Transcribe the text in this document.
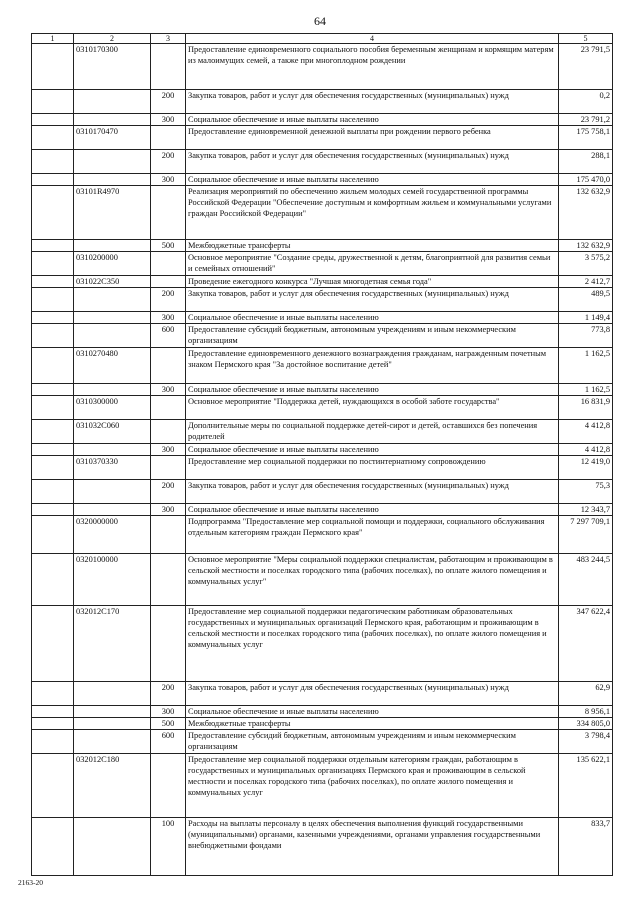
64
1	2	3	4	5
	0310170300		Предоставление единовременного социального пособия беременным женщинам и кормящим матерям из малоимущих семей, а также при многоплодном рождении	23 791,5
		200	Закупка товаров, работ и услуг для обеспечения государственных (муниципальных) нужд	0,2
		300	Социальное обеспечение и иные выплаты населению	23 791,2
	0310170470		Предоставление единовременной денежной выплаты при рождении первого ребенка	175 758,1
		200	Закупка товаров, работ и услуг для обеспечения государственных (муниципальных) нужд	288,1
		300	Социальное обеспечение и иные выплаты населению	175 470,0
	03101R4970		Реализация мероприятий по обеспечению жильем молодых семей государственной программы Российской Федерации "Обеспечение доступным и комфортным жильем и коммунальными услугами граждан Российской Федерации"	132 632,9
		500	Межбюджетные трансферты	132 632,9
	0310200000		Основное мероприятие "Создание среды, дружественной к детям, благоприятной для развития семьи и семейных отношений"	3 575,2
	031022С350		Проведение ежегодного конкурса "Лучшая многодетная семья года"	2 412,7
		200	Закупка товаров, работ и услуг для обеспечения государственных (муниципальных) нужд	489,5
		300	Социальное обеспечение и иные выплаты населению	1 149,4
		600	Предоставление субсидий бюджетным, автономным учреждениям и иным некоммерческим организациям	773,8
	0310270480		Предоставление единовременного денежного вознаграждения гражданам, награжденным почетным знаком Пермского края "За достойное воспитание детей"	1 162,5
		300	Социальное обеспечение и иные выплаты населению	1 162,5
	0310300000		Основное мероприятие "Поддержка детей, нуждающихся в особой заботе государства"	16 831,9
	031032С060		Дополнительные меры по социальной поддержке детей-сирот и детей, оставшихся без попечения родителей	4 412,8
		300	Социальное обеспечение и иные выплаты населению	4 412,8
	0310370330		Предоставление мер социальной поддержки по постинтернатному сопровождению	12 419,0
		200	Закупка товаров, работ и услуг для обеспечения государственных (муниципальных) нужд	75,3
		300	Социальное обеспечение и иные выплаты населению	12 343,7
	0320000000		Подпрограмма "Предоставление мер социальной помощи и поддержки, социального обслуживания отдельным категориям граждан Пермского края"	7 297 709,1
	0320100000		Основное мероприятие "Меры социальной поддержки специалистам, работающим и проживающим в сельской местности и поселках городского типа (рабочих поселках), по оплате жилого помещения и коммунальных услуг"	483 244,5
	032012С170		Предоставление мер социальной поддержки педагогическим работникам образовательных государственных и муниципальных организаций Пермского края, работающим и проживающим в сельской местности и поселках городского типа (рабочих поселках), по оплате жилого помещения и коммунальных услуг	347 622,4
		200	Закупка товаров, работ и услуг для обеспечения государственных (муниципальных) нужд	62,9
		300	Социальное обеспечение и иные выплаты населению	8 956,1
		500	Межбюджетные трансферты	334 805,0
		600	Предоставление субсидий бюджетным, автономным учреждениям и иным некоммерческим организациям	3 798,4
	032012С180		Предоставление мер социальной поддержки отдельным категориям граждан, работающим в государственных и муниципальных организациях Пермского края и проживающим в сельской местности и поселках городского типа (рабочих поселках), по оплате жилого помещения и коммунальных услуг	135 622,1
		100	Расходы на выплаты персоналу в целях обеспечения выполнения функций государственными (муниципальными) органами, казенными учреждениями, органами управления государственными внебюджетными фондами	833,7
2163-20
